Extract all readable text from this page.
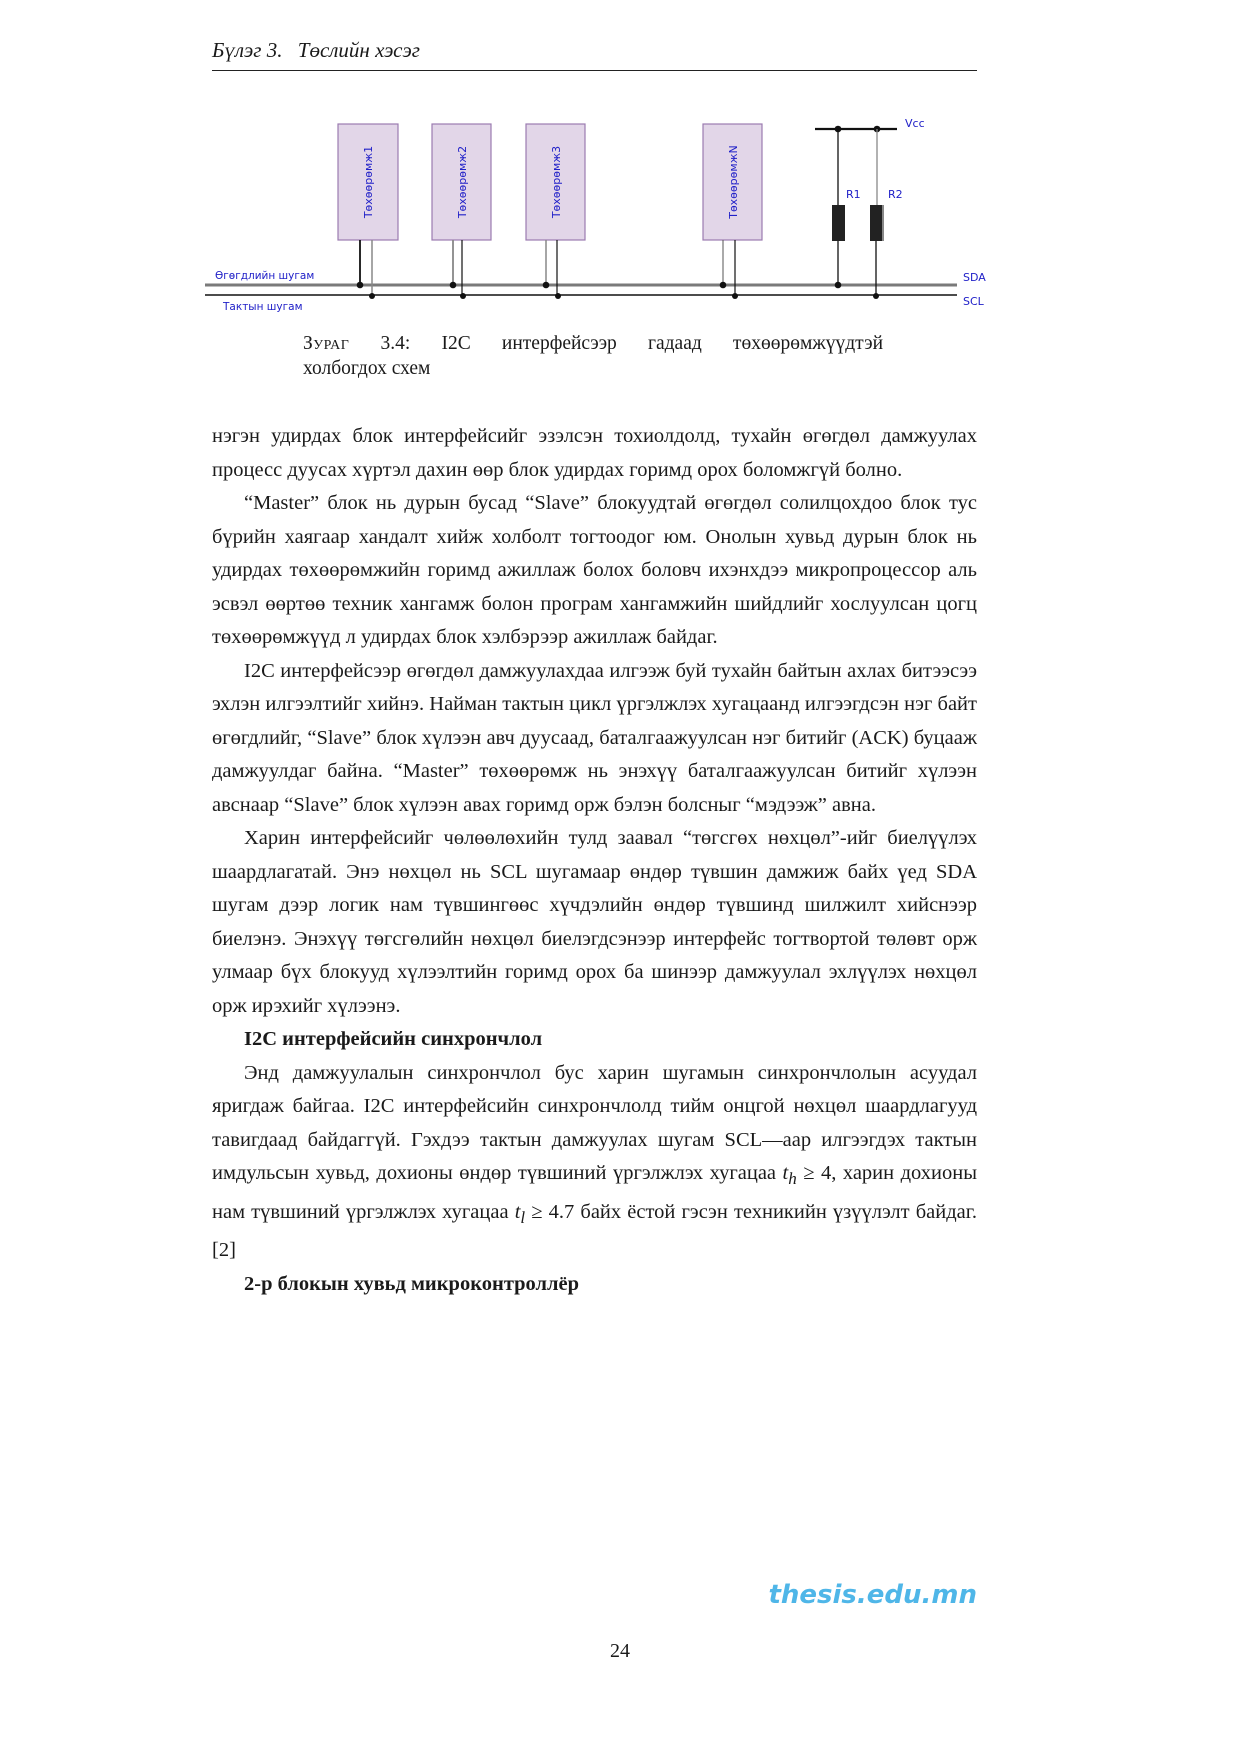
Бүлэг 3. Төслийн хэсэг
Төхөөрөмж1	Төхөөрөмж2	Төхөөрөмж3	ТөхөөрөмжN
Vcc
R1 R2
Өгөгдлийн шугам
Тактын шугам
SDA
SCL
Зураг 3.4: I2C интерфейсээр гадаад төхөөрөмжүүдтэй
холбогдох схем

нэгэн удирдах блок интерфейсийг эзэлсэн тохиолдолд, тухайн өгөгдөл дамжуулах процесс дуусах хүртэл дахин өөр блок удирдах горимд орох боломжгүй болно.

“Master” блок нь дурын бусад “Slave” блокуудтай өгөгдөл солилцохдоо блок тус бүрийн хаягаар хандалт хийж холболт тогтоодог юм. Онолын хувьд дурын блок нь удирдах төхөөрөмжийн горимд ажиллаж болох боловч ихэнхдээ микропроцессор аль эсвэл өөртөө техник хангамж болон програм хангамжийн шийдлийг хослуулсан цогц төхөөрөмжүүд л удирдах блок хэлбэрээр ажиллаж байдаг.

I2C интерфейсээр өгөгдөл дамжуулахдаа илгээж буй тухайн байтын ахлах битээсээ эхлэн илгээлтийг хийнэ. Найман тактын цикл үргэлжлэх хугацаанд илгээгдсэн нэг байт өгөгдлийг, “Slave” блок хүлээн авч дуусаад, баталгаажуулсан нэг битийг (ACK) буцааж дамжуулдаг байна. “Master” төхөөрөмж нь энэхүү баталгаажуулсан битийг хүлээн авснаар “Slave” блок хүлээн авах горимд орж бэлэн болсныг “мэдээж” авна.

Харин интерфейсийг чөлөөлөхийн тулд заавал “төгсгөх нөхцөл”-ийг биелүүлэх шаардлагатай. Энэ нөхцөл нь SCL шугамаар өндөр түвшин дамжиж байх үед SDA шугам дээр логик нам түвшингөөс хүчдэлийн өндөр түвшинд шилжилт хийснээр биелэнэ. Энэхүү төгсгөлийн нөхцөл биелэгдсэнээр интерфейс тогтвортой төлөвт орж улмаар бүх блокууд хүлээлтийн горимд орох ба шинээр дамжуулал эхлүүлэх нөхцөл орж ирэхийг хүлээнэ.

I2C интерфейсийн синхрончлол

Энд дамжуулалын синхрончлол бус харин шугамын синхрончлолын асуудал яригдаж байгаа. I2C интерфейсийн синхрончлолд тийм онцгой нөхцөл шаардлагууд тавигдаад байдаггүй. Гэхдээ тактын дамжуулах шугам SCL—аар илгээгдэх тактын имдульсын хувьд, дохионы өндөр түвшиний үргэлжлэх хугацаа $t_h \ge 4$, харин дохионы нам түвшиний үргэлжлэх хугацаа $t_l \ge 4.7$ байх ёстой гэсэн техникийн үзүүлэлт байдаг. [2]

2-р блокын хувьд микроконтроллёр

thesis.edu.mn
24
